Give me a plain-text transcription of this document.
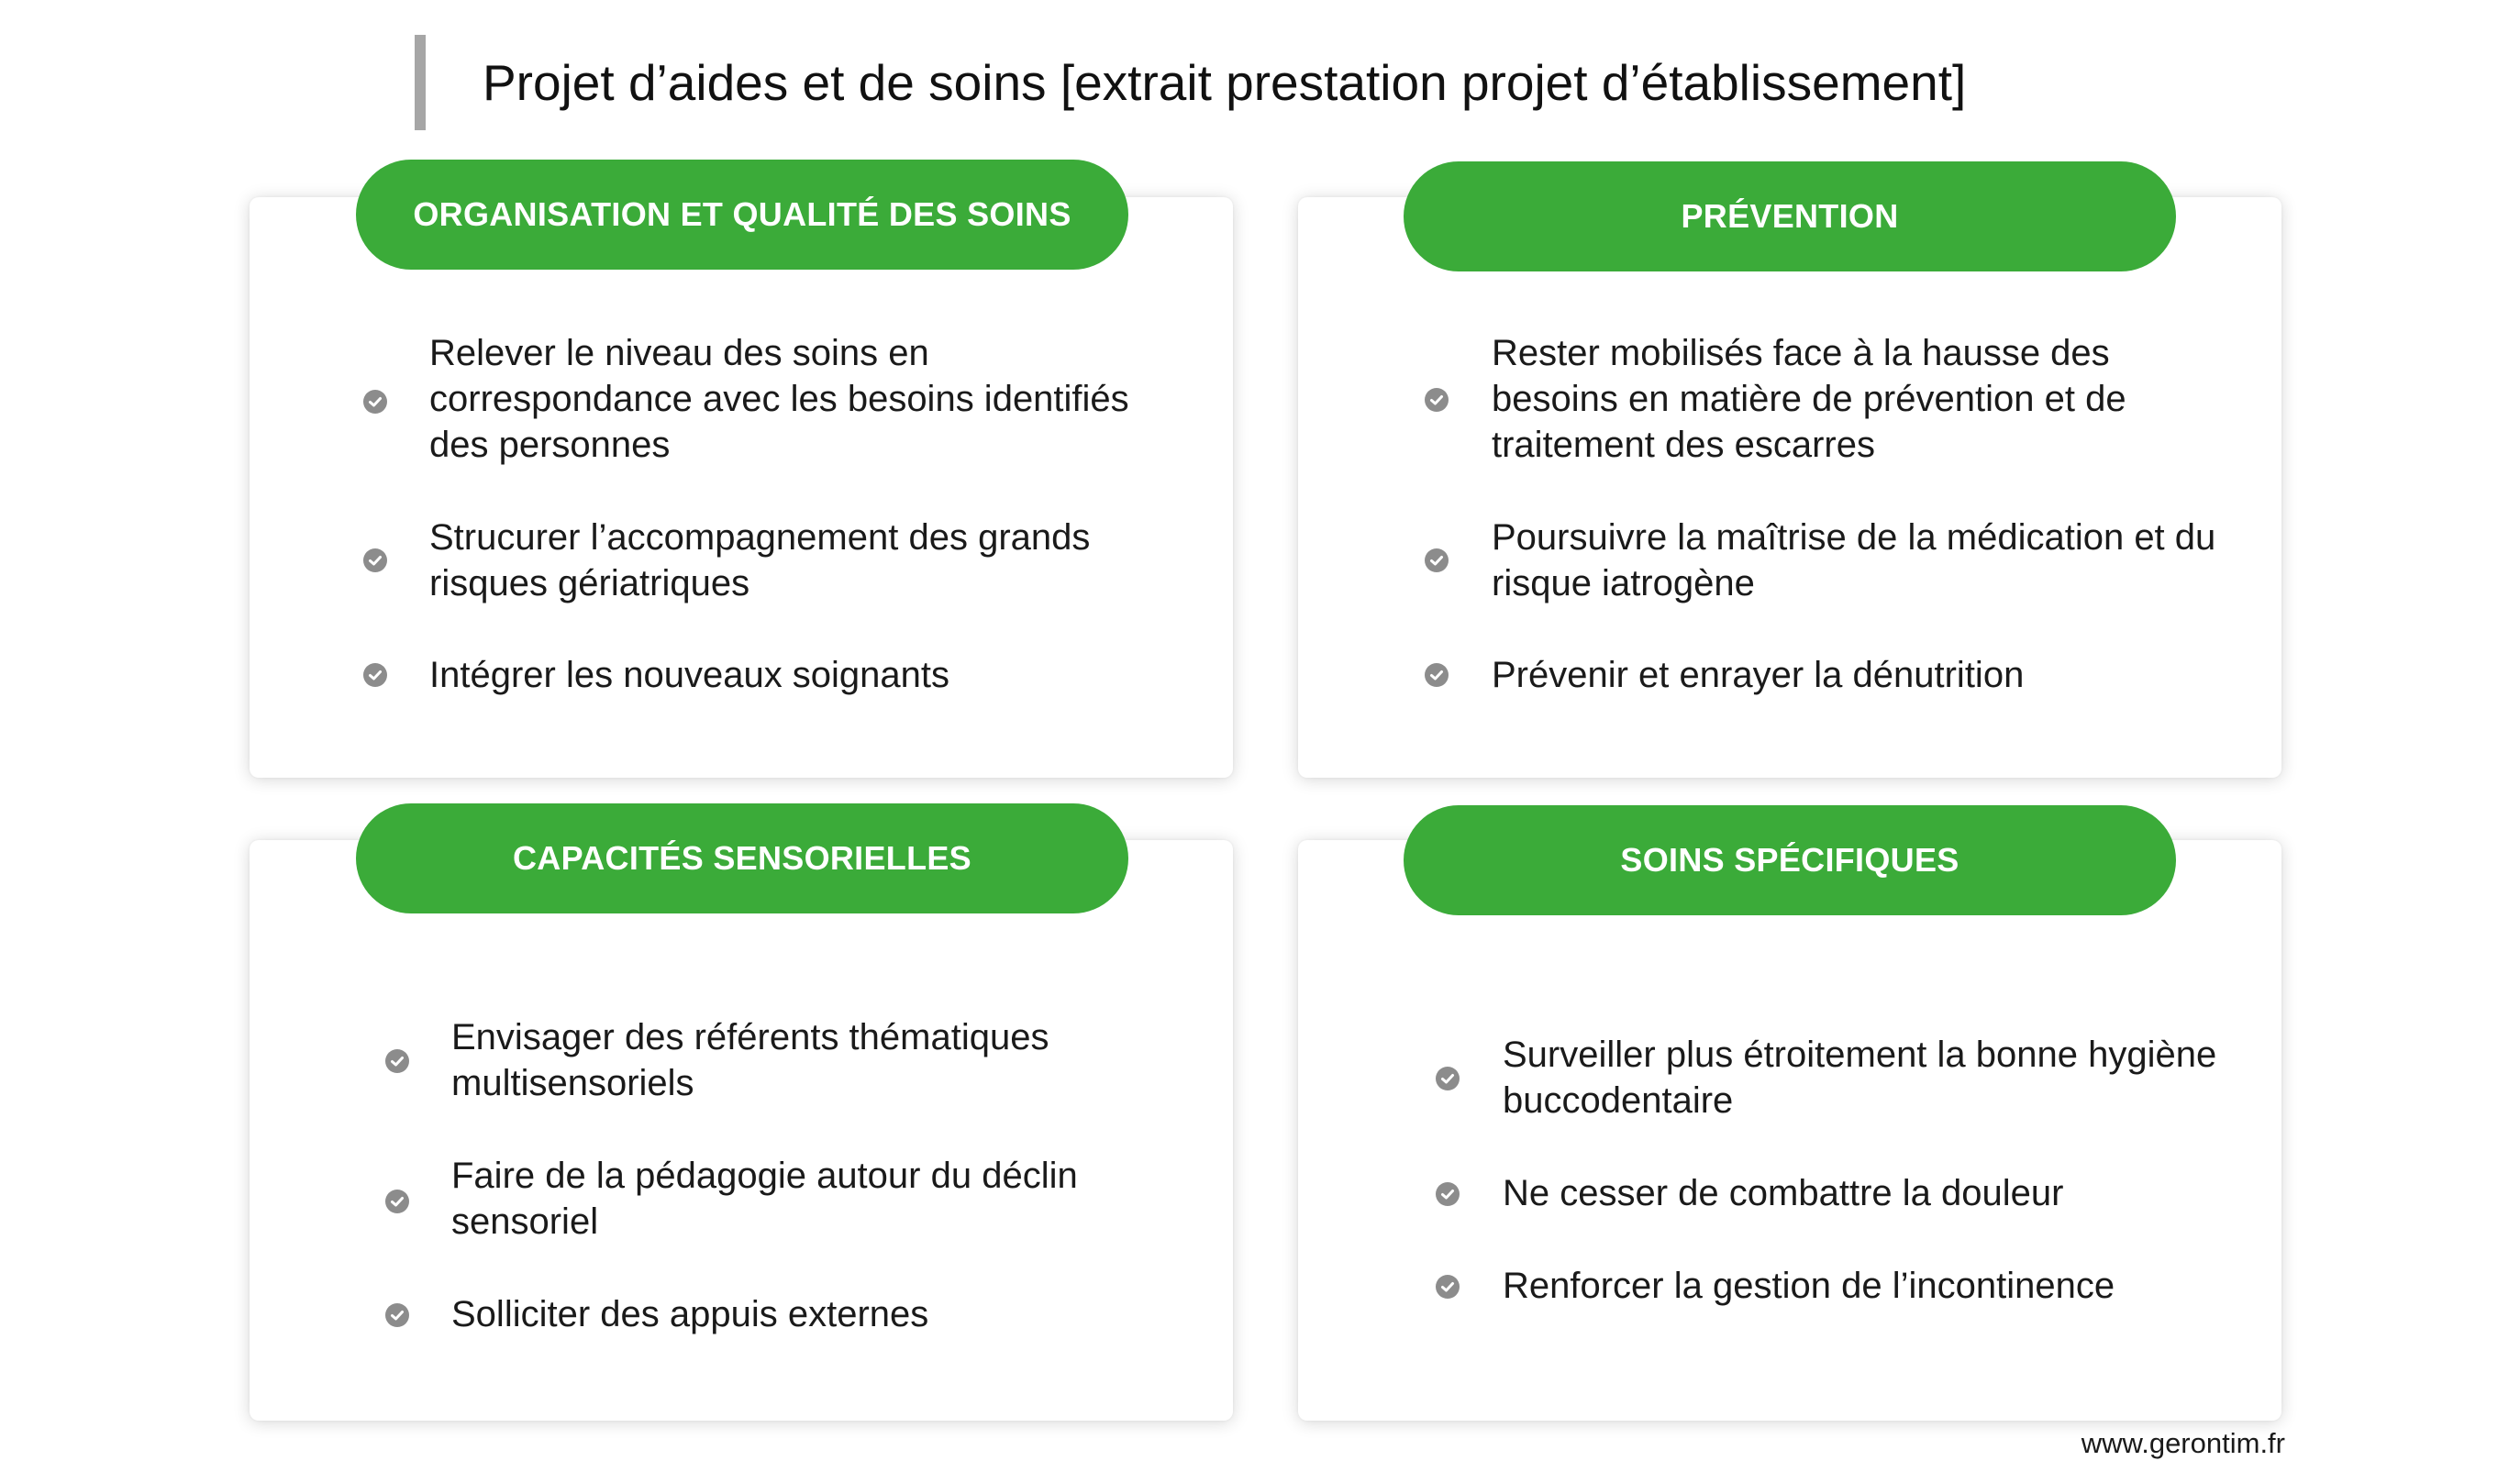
Projet d’aides et de soins [extrait prestation projet d’établissement]
ORGANISATION ET QUALITÉ DES SOINS
Relever le niveau des soins en correspondance avec les besoins identifiés des personnes
Strucurer l’accompagnement des grands risques gériatriques
Intégrer les nouveaux soignants
PRÉVENTION
Rester mobilisés face à la hausse des besoins en matière de prévention et de traitement des escarres
Poursuivre la maîtrise de la médication et du risque iatrogène
Prévenir et enrayer la dénutrition
CAPACITÉS SENSORIELLES
Envisager des référents thématiques multisensoriels
Faire de la pédagogie autour du déclin sensoriel
Solliciter des appuis externes
SOINS SPÉCIFIQUES
Surveiller plus étroitement la bonne hygiène buccodentaire
Ne cesser de combattre la douleur
Renforcer la gestion de l’incontinence
www.gerontim.fr
